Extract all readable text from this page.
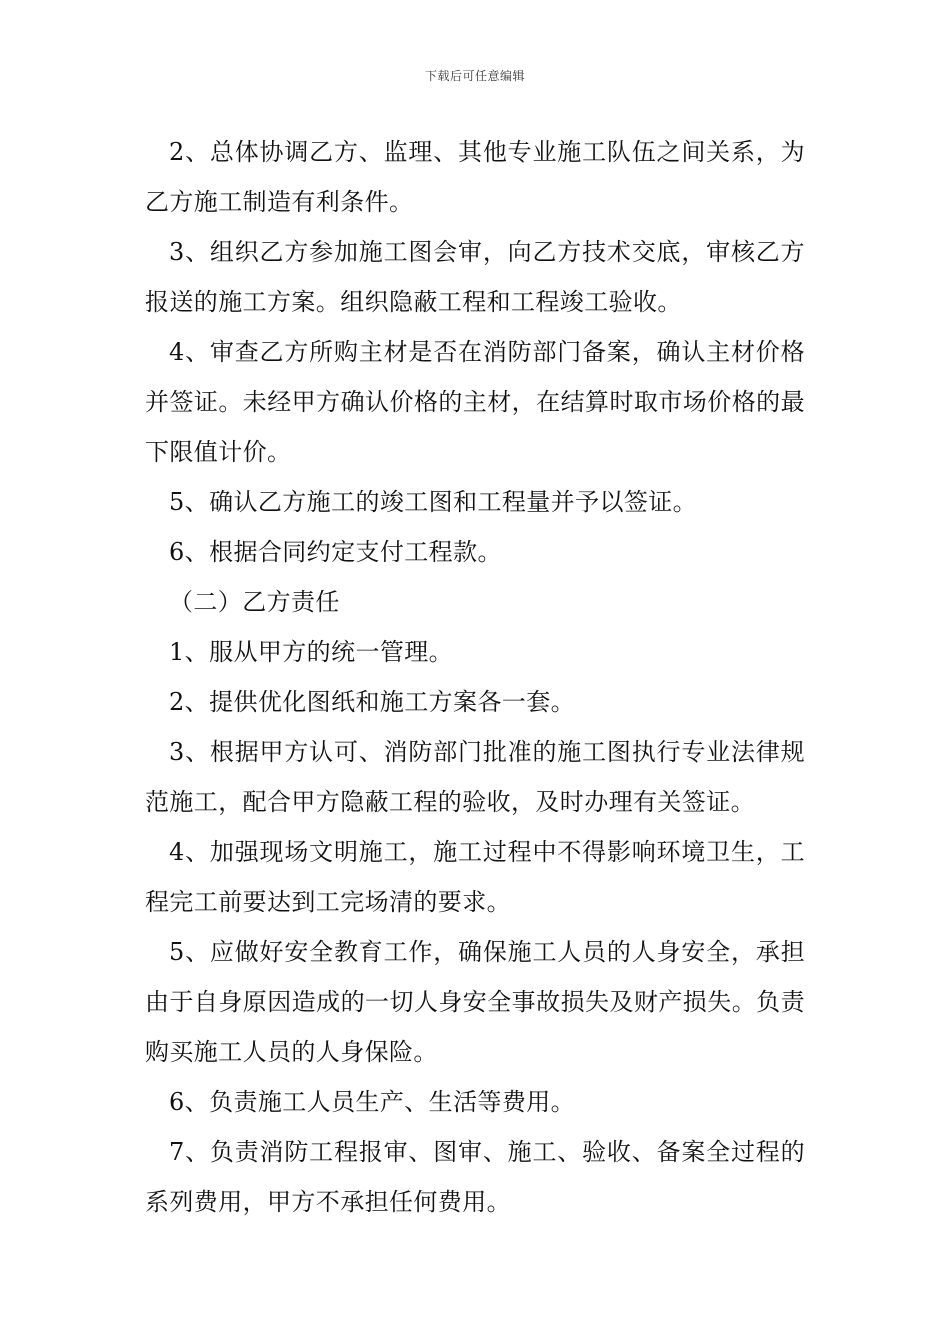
下载后可任意编辑

2、总体协调乙方、监理、其他专业施工队伍之间关系，为乙方施工制造有利条件。

3、组织乙方参加施工图会审，向乙方技术交底，审核乙方报送的施工方案。组织隐蔽工程和工程竣工验收。

4、审查乙方所购主材是否在消防部门备案，确认主材价格并签证。未经甲方确认价格的主材，在结算时取市场价格的最下限值计价。

5、确认乙方施工的竣工图和工程量并予以签证。

6、根据合同约定支付工程款。

（二）乙方责任

1、服从甲方的统一管理。

2、提供优化图纸和施工方案各一套。

3、根据甲方认可、消防部门批准的施工图执行专业法律规范施工，配合甲方隐蔽工程的验收，及时办理有关签证。

4、加强现场文明施工，施工过程中不得影响环境卫生，工程完工前要达到工完场清的要求。

5、应做好安全教育工作，确保施工人员的人身安全，承担由于自身原因造成的一切人身安全事故损失及财产损失。负责购买施工人员的人身保险。

6、负责施工人员生产、生活等费用。

7、负责消防工程报审、图审、施工、验收、备案全过程的系列费用，甲方不承担任何费用。
